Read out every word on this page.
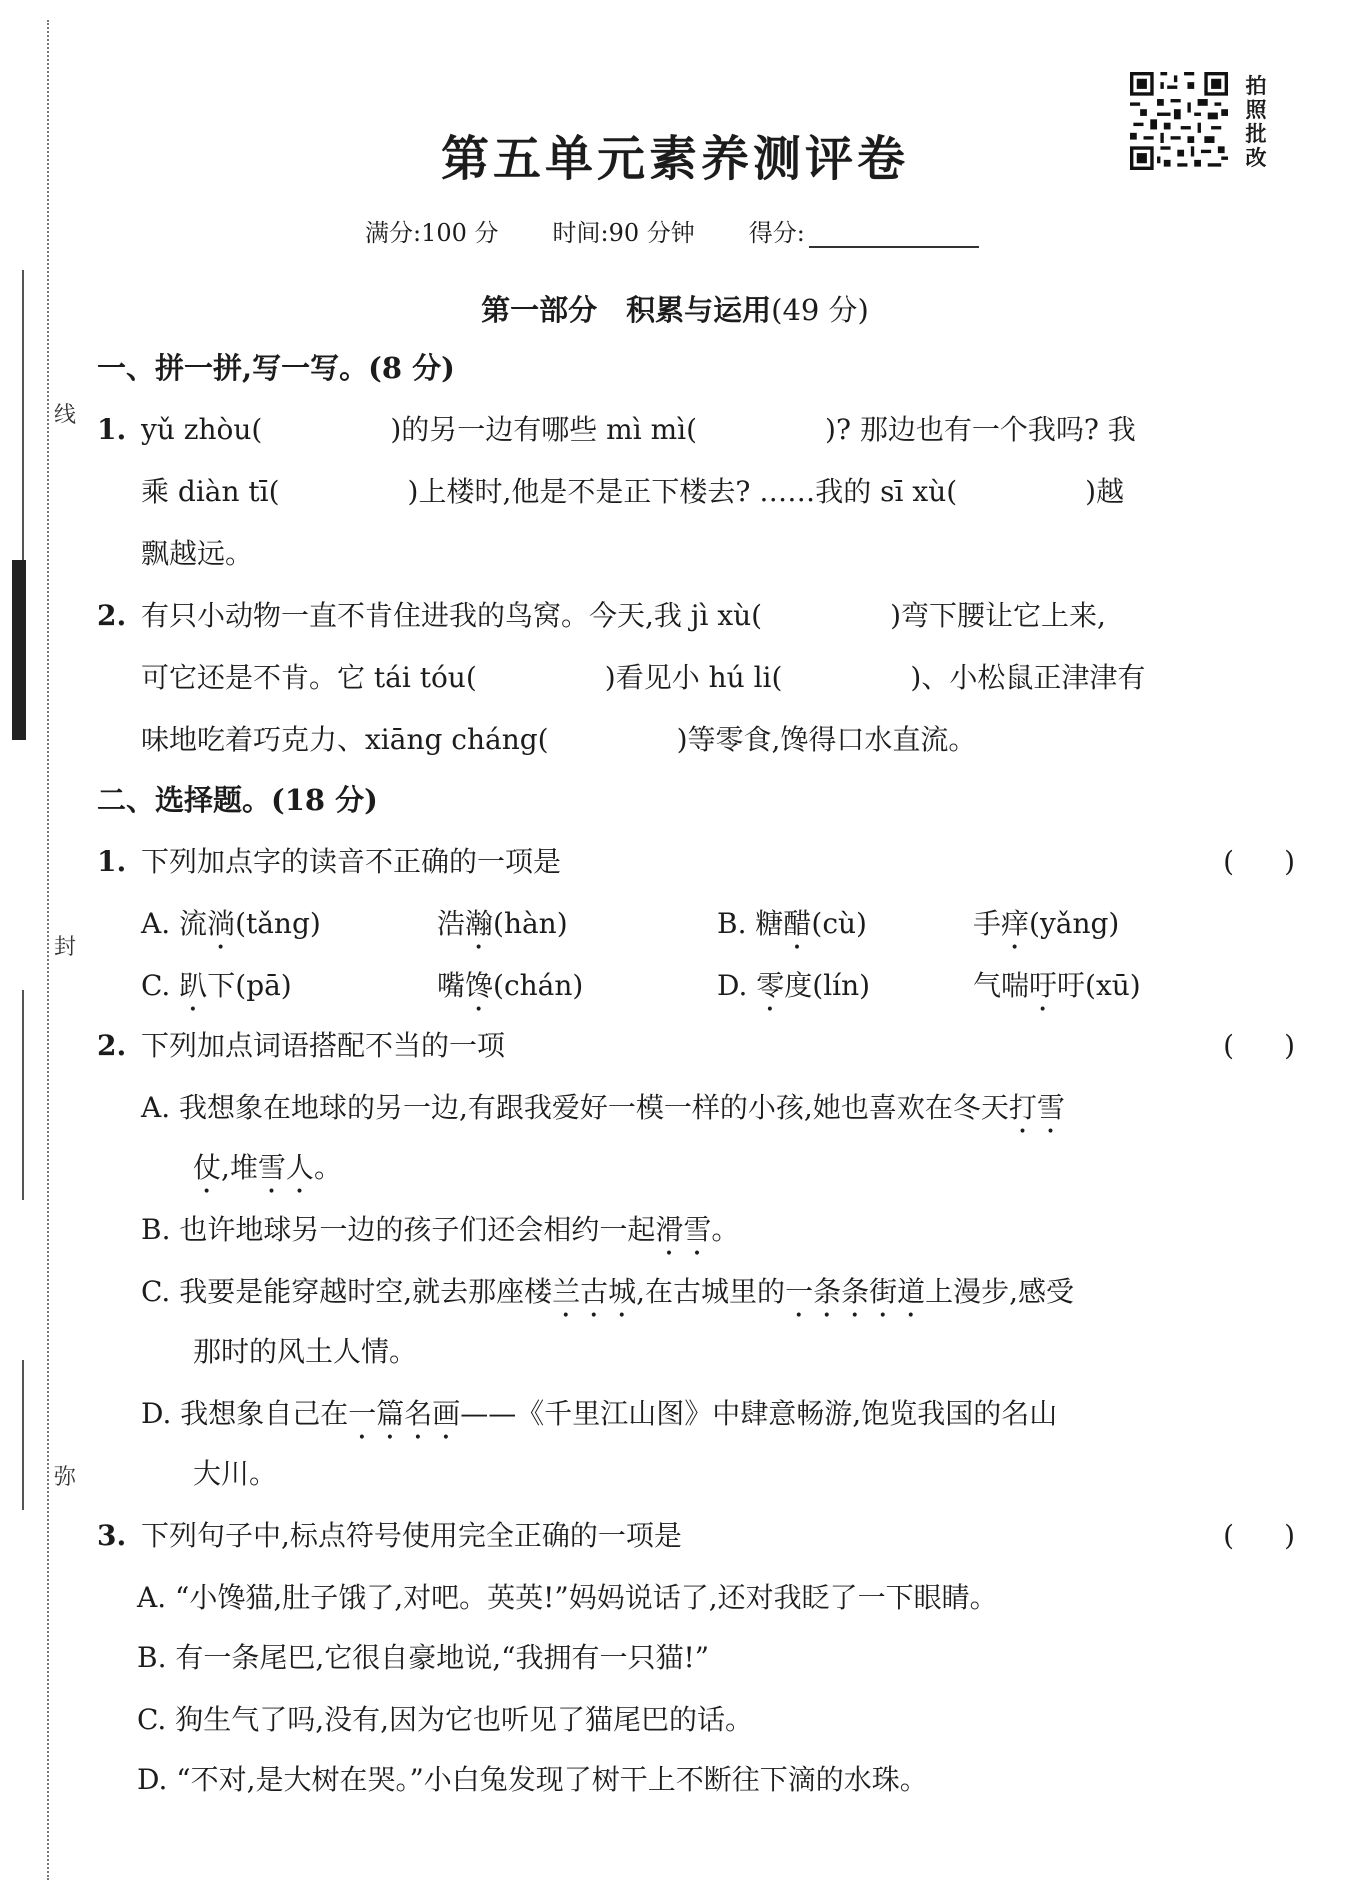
线
封
弥
拍
照
批
改
第五单元素养测评卷
满分:100 分 时间:90 分钟 得分:
第一部分　积累与运用(49 分)
一、拼一拼,写一写。(8 分)
1. yǔ zhòu(	)的另一边有哪些 mì mì(	)? 那边也有一个我吗? 我
乘 diàn tī(	)上楼时,他是不是正下楼去? ……我的 sī xù(	)越
飘越远。
2. 有只小动物一直不肯住进我的鸟窝。今天,我 jì xù(	)弯下腰让它上来,
可它还是不肯。它 tái tóu(	)看见小 hú li(	)、小松鼠正津津有
味地吃着巧克力、xiāng cháng(	)等零食,馋得口水直流。
二、选择题。(18 分)
1. 下列加点字的读音不正确的一项是	( )
A. 流淌(tǎng)	浩瀚(hàn)	B. 糖醋(cù)	手痒(yǎng)
C. 趴下(pā)	嘴馋(chán)	D. 零度(lín)	气喘吁吁(xū)
2. 下列加点词语搭配不当的一项	( )
A. 我想象在地球的另一边,有跟我爱好一模一样的小孩,她也喜欢在冬天打雪
仗,堆雪人。
B. 也许地球另一边的孩子们还会相约一起滑雪。
C. 我要是能穿越时空,就去那座楼兰古城,在古城里的一条条街道上漫步,感受
那时的风土人情。
D. 我想象自己在一篇名画——《千里江山图》中肆意畅游,饱览我国的名山
大川。
3. 下列句子中,标点符号使用完全正确的一项是	( )
A. “小馋猫,肚子饿了,对吧。英英!”妈妈说话了,还对我眨了一下眼睛。
B. 有一条尾巴,它很自豪地说,“我拥有一只猫!”
C. 狗生气了吗,没有,因为它也听见了猫尾巴的话。
D. “不对,是大树在哭。”小白兔发现了树干上不断往下滴的水珠。
